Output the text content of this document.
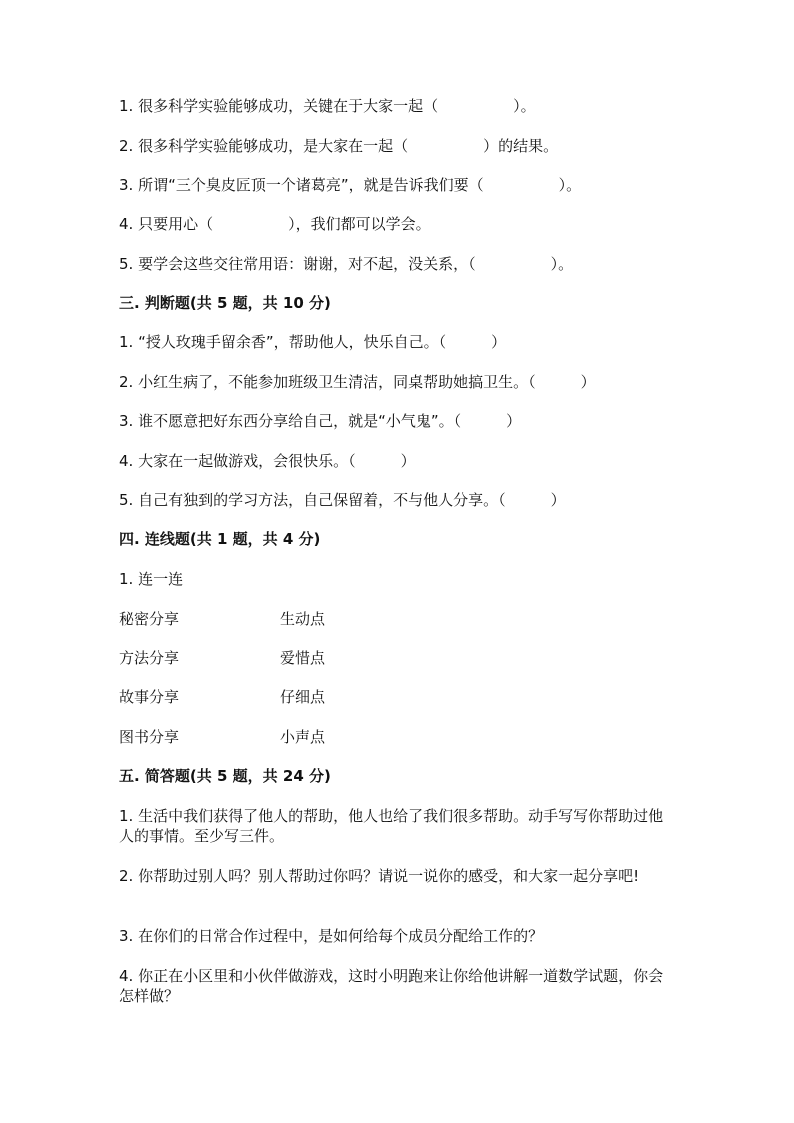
1. 很多科学实验能够成功，关键在于大家一起（　　　　　）。
2. 很多科学实验能够成功，是大家在一起（　　　　　）的结果。
3. 所谓“三个臭皮匠顶一个诸葛亮”，就是告诉我们要（　　　　　）。
4. 只要用心（　　　　　），我们都可以学会。
5. 要学会这些交往常用语：谢谢，对不起，没关系，（　　　　　）。
三. 判断题(共 5 题，共 10 分)
1. “授人玫瑰手留余香”，帮助他人，快乐自己。（　　　）
2. 小红生病了，不能参加班级卫生清洁，同桌帮助她搞卫生。（　　　）
3. 谁不愿意把好东西分享给自己，就是“小气鬼”。（　　　）
4. 大家在一起做游戏，会很快乐。（　　　）
5. 自己有独到的学习方法，自己保留着，不与他人分享。（　　　）
四. 连线题(共 1 题，共 4 分)
1. 连一连
秘密分享	生动点
方法分享	爱惜点
故事分享	仔细点
图书分享	小声点
五. 简答题(共 5 题，共 24 分)
1. 生活中我们获得了他人的帮助，他人也给了我们很多帮助。动手写写你帮助过他人的事情。至少写三件。
2. 你帮助过别人吗？别人帮助过你吗？请说一说你的感受，和大家一起分享吧!
3. 在你们的日常合作过程中，是如何给每个成员分配给工作的？
4. 你正在小区里和小伙伴做游戏，这时小明跑来让你给他讲解一道数学试题，你会怎样做？
